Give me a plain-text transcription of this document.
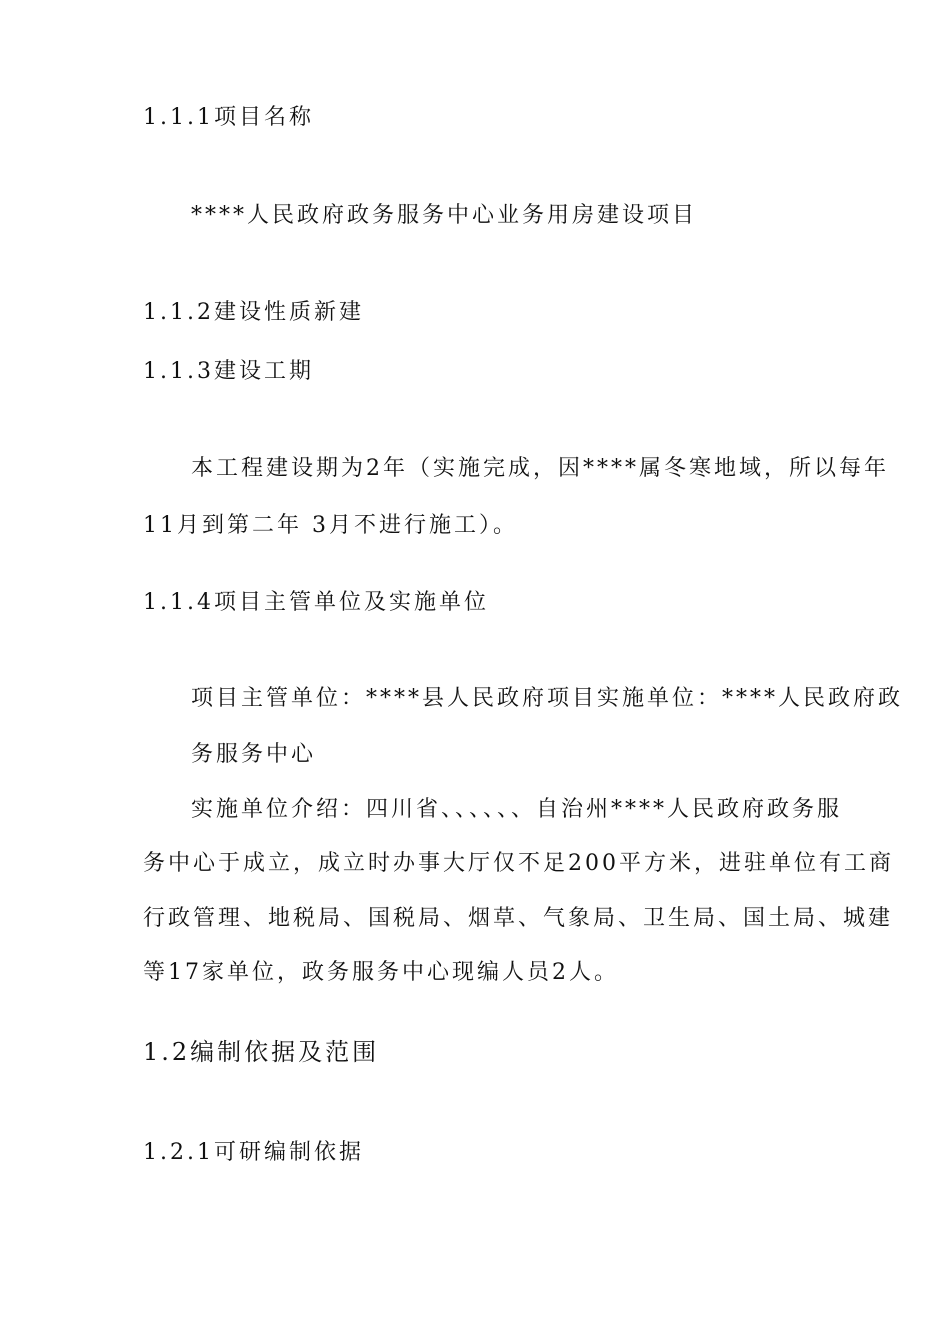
1.1.1项目名称
****人民政府政务服务中心业务用房建设项目
1.1.2建设性质新建
1.1.3建设工期
本工程建设期为2年（实施完成，因****属冬寒地域，所以每年
11月到第二年 3月不进行施工）。
1.1.4项目主管单位及实施单位
项目主管单位：****县人民政府项目实施单位：****人民政府政
务服务中心
实施单位介绍：四川省、、、、、、自治州****人民政府政务服
务中心于成立，成立时办事大厅仅不足200平方米，进驻单位有工商
行政管理、地税局、国税局、烟草、气象局、卫生局、国土局、城建
等17家单位，政务服务中心现编人员2人。
1.2编制依据及范围
1.2.1可研编制依据
